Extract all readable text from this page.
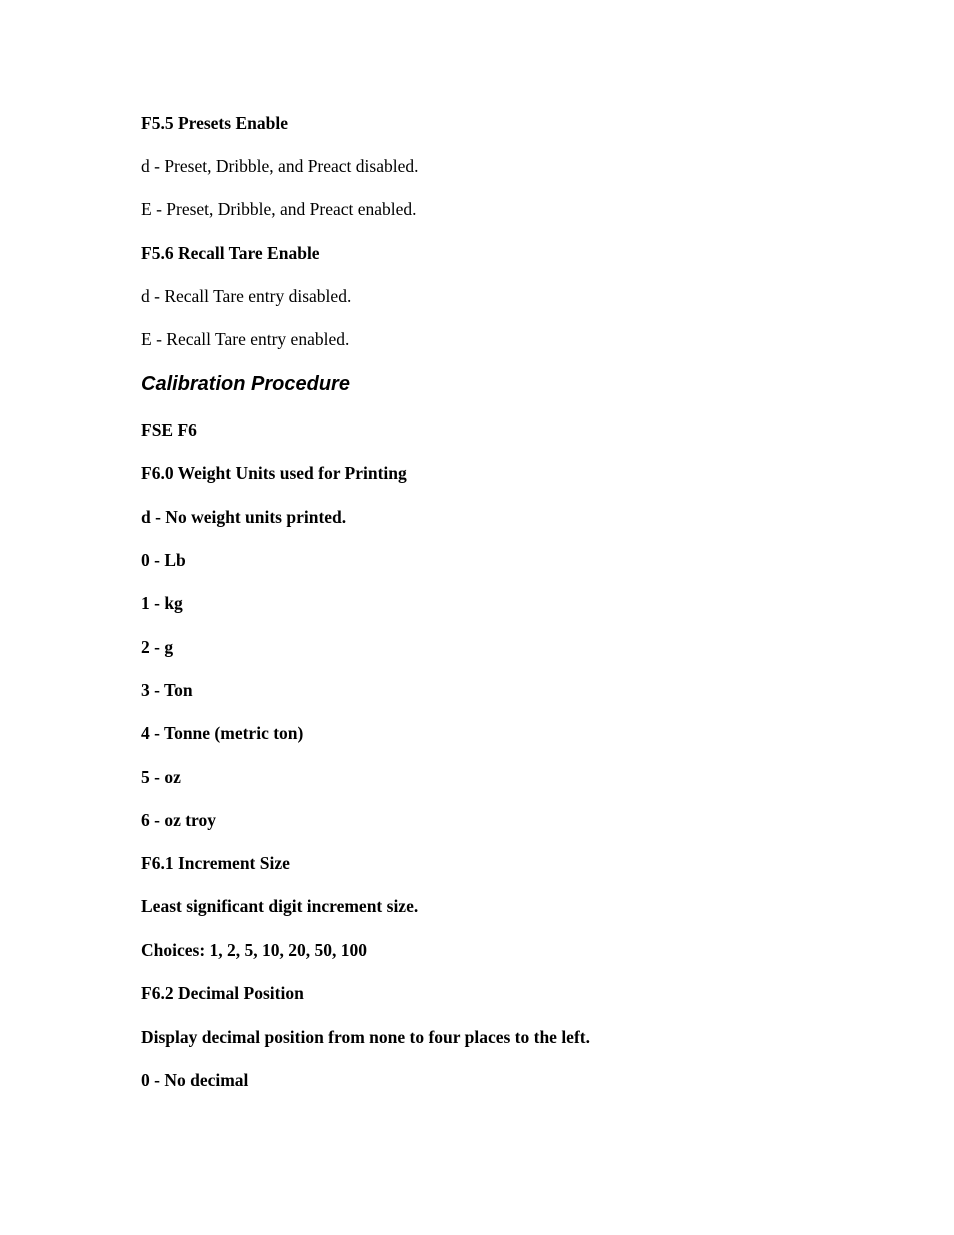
F5.5 Presets Enable

d - Preset, Dribble, and Preact disabled.

E - Preset, Dribble, and Preact enabled.

F5.6 Recall Tare Enable

d - Recall Tare entry disabled.

E - Recall Tare entry enabled.

Calibration Procedure

FSE F6

F6.0 Weight Units used for Printing

d - No weight units printed.

0 - Lb

1 - kg

2 - g

3 - Ton

4 - Tonne (metric ton)

5 - oz

6 - oz troy

F6.1 Increment Size

Least significant digit increment size.

Choices: 1, 2, 5, 10, 20, 50, 100

F6.2 Decimal Position

Display decimal position from none to four places to the left.

0 - No decimal
